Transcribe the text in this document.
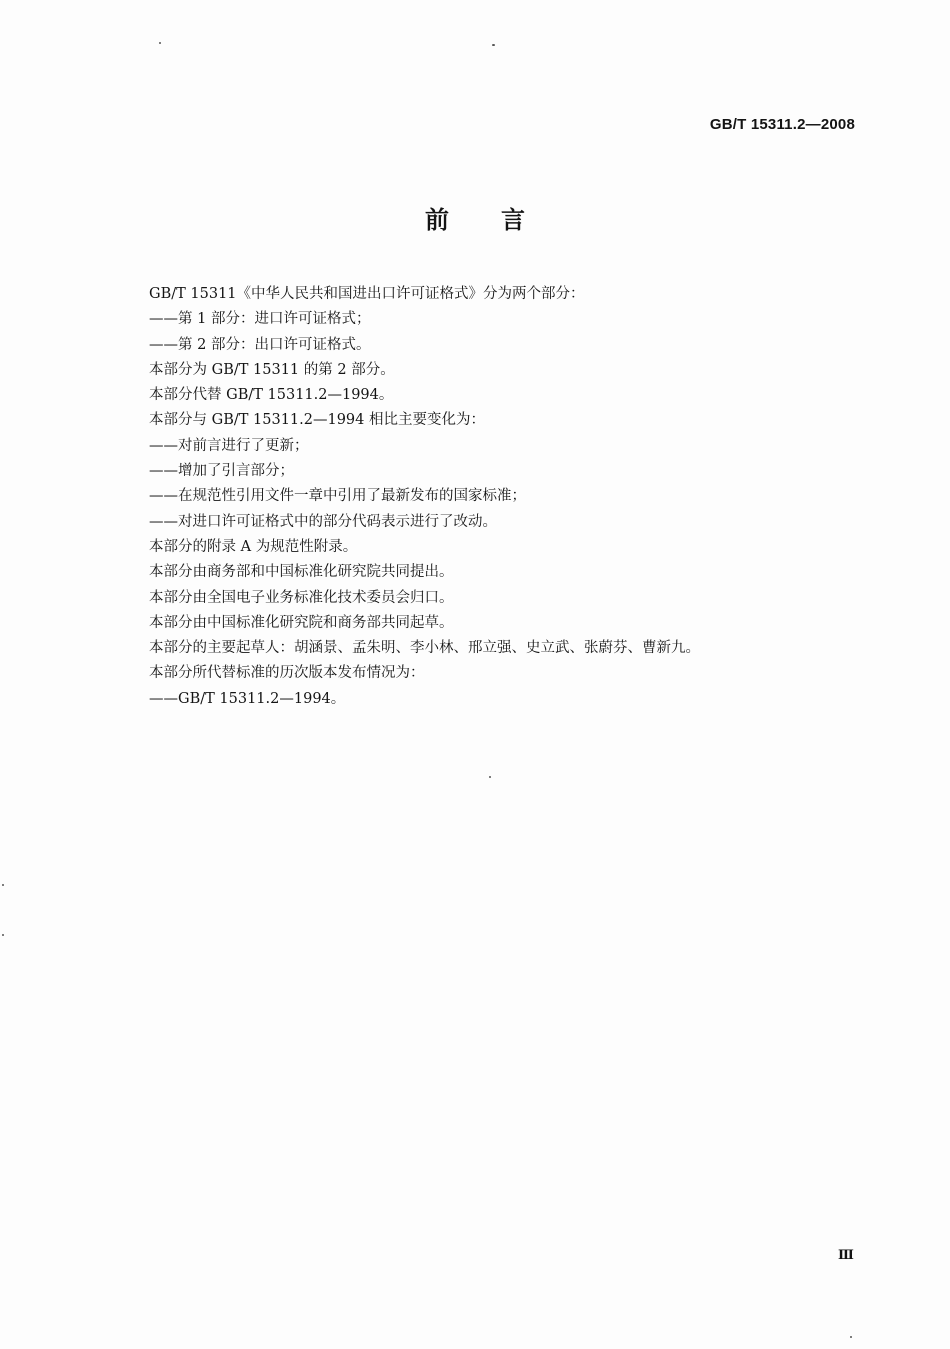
GB/T 15311.2—2008
前言
GB/T 15311《中华人民共和国进出口许可证格式》分为两个部分：
——第 1 部分：进口许可证格式；
——第 2 部分：出口许可证格式。
本部分为 GB/T 15311 的第 2 部分。
本部分代替 GB/T 15311.2—1994。
本部分与 GB/T 15311.2—1994 相比主要变化为：
——对前言进行了更新；
——增加了引言部分；
——在规范性引用文件一章中引用了最新发布的国家标准；
——对进口许可证格式中的部分代码表示进行了改动。
本部分的附录 A 为规范性附录。
本部分由商务部和中国标准化研究院共同提出。
本部分由全国电子业务标准化技术委员会归口。
本部分由中国标准化研究院和商务部共同起草。
本部分的主要起草人：胡涵景、孟朱明、李小林、邢立强、史立武、张蔚芬、曹新九。
本部分所代替标准的历次版本发布情况为：
——GB/T 15311.2—1994。
Ⅲ
